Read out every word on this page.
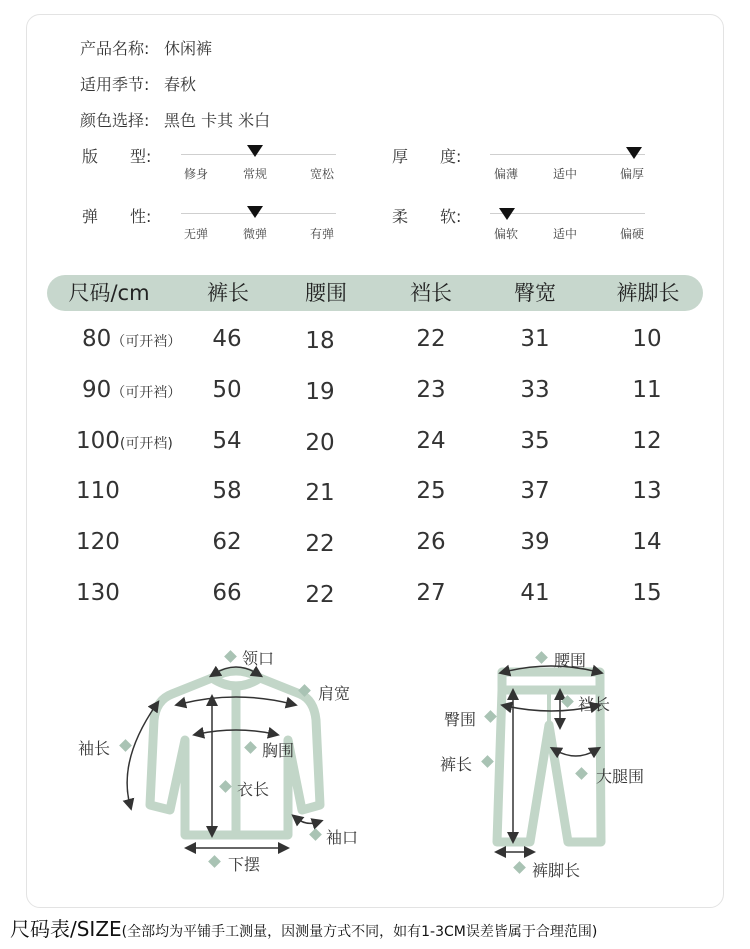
产品名称: 休闲裤
适用季节: 春秋
颜色选择: 黑色 卡其 米白
版　　型:
修身	常规	宽松
厚　　度:
偏薄	适中	偏厚
弹　　性:
无弹	微弹	有弹
柔　　软:
偏软	适中	偏硬
尺码/cm	裤长	腰围	裆长	臀宽	裤脚长
80（可开裆） 46	18	22	31	10
90（可开裆） 50	19	23	33	11
100(可开档) 54	20	24	35	12
110	58	21	25	37	13
120	62	22	26	39	14
130	66	22	27	41	15
领口
肩宽
袖长	胸围
衣长
袖口
下摆
腰围
裆长
臀围
裤长
大腿围
裤脚长
尺码表/SIZE(全部均为平铺手工测量，因测量方式不同，如有1-3CM误差皆属于合理范围)
